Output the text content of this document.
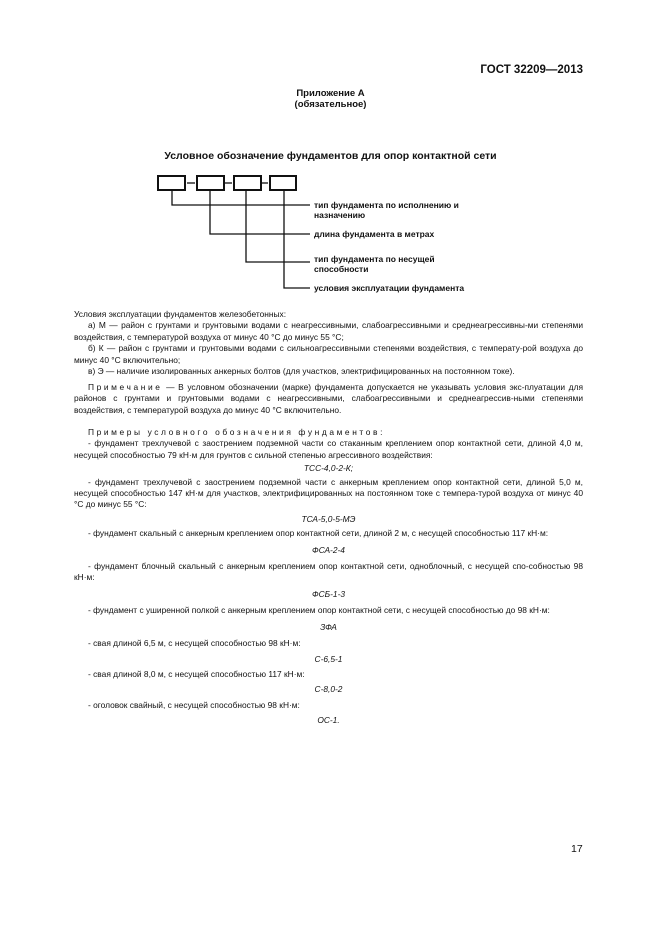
ГОСТ 32209—2013
Приложение А
(обязательное)
Условное обозначение фундаментов для опор контактной сети
тип фундамента по исполнению и назначению
длина фундамента в метрах
тип фундамента по несущей способности
условия эксплуатации фундамента

Условия эксплуатации фундаментов железобетонных:

а) М — район с грунтами и грунтовыми водами с неагрессивными, слабоагрессивными и среднеагрессивны-ми степенями воздействия, с температурой воздуха от минус 40 °С до минус 55 °С;

б) К — район с грунтами и грунтовыми водами с сильноагрессивными степенями воздействия, с температу-рой воздуха до минус 40 °С включительно;

в) Э — наличие изолированных анкерных болтов (для участков, электрифицированных на постоянном токе).

Примечание — В условном обозначении (марке) фундамента допускается не указывать условия экс-плуатации для районов с грунтами и грунтовыми водами с неагрессивными, слабоагрессивными и среднеагрессив-ными степенями воздействия, с температурой воздуха до минус 40 °С включительно.

Примеры условного обозначения фундаментов:

- фундамент трехлучевой с заострением подземной части со стаканным креплением опор контактной сети, длиной 4,0 м, несущей способностью 79 кН·м для грунтов с сильной степенью агрессивного воздействия:

ТСС-4,0-2-К;

- фундамент трехлучевой с заострением подземной части с анкерным креплением опор контактной сети, длиной 5,0 м, несущей способностью 147 кН·м для участков, электрифицированных на постоянном токе с темпера-турой воздуха от минус 40 °С до минус 55 °С:

ТСА-5,0-5-МЭ

- фундамент скальный с анкерным креплением опор контактной сети, длиной 2 м, с несущей способностью 117 кН·м:

ФСА-2-4

- фундамент блочный скальный с анкерным креплением опор контактной сети, одноблочный, с несущей спо-собностью 98 кН·м:

ФСБ-1-3

- фундамент с уширенной полкой с анкерным креплением опор контактной сети, с несущей способностью до 98 кН·м:

ЗФА

- свая длиной 6,5 м, с несущей способностью 98 кН·м:

С-6,5-1

- свая длиной 8,0 м, с несущей способностью 117 кН·м:

С-8,0-2

- оголовок свайный, с несущей способностью 98 кН·м:

ОС-1.

17
